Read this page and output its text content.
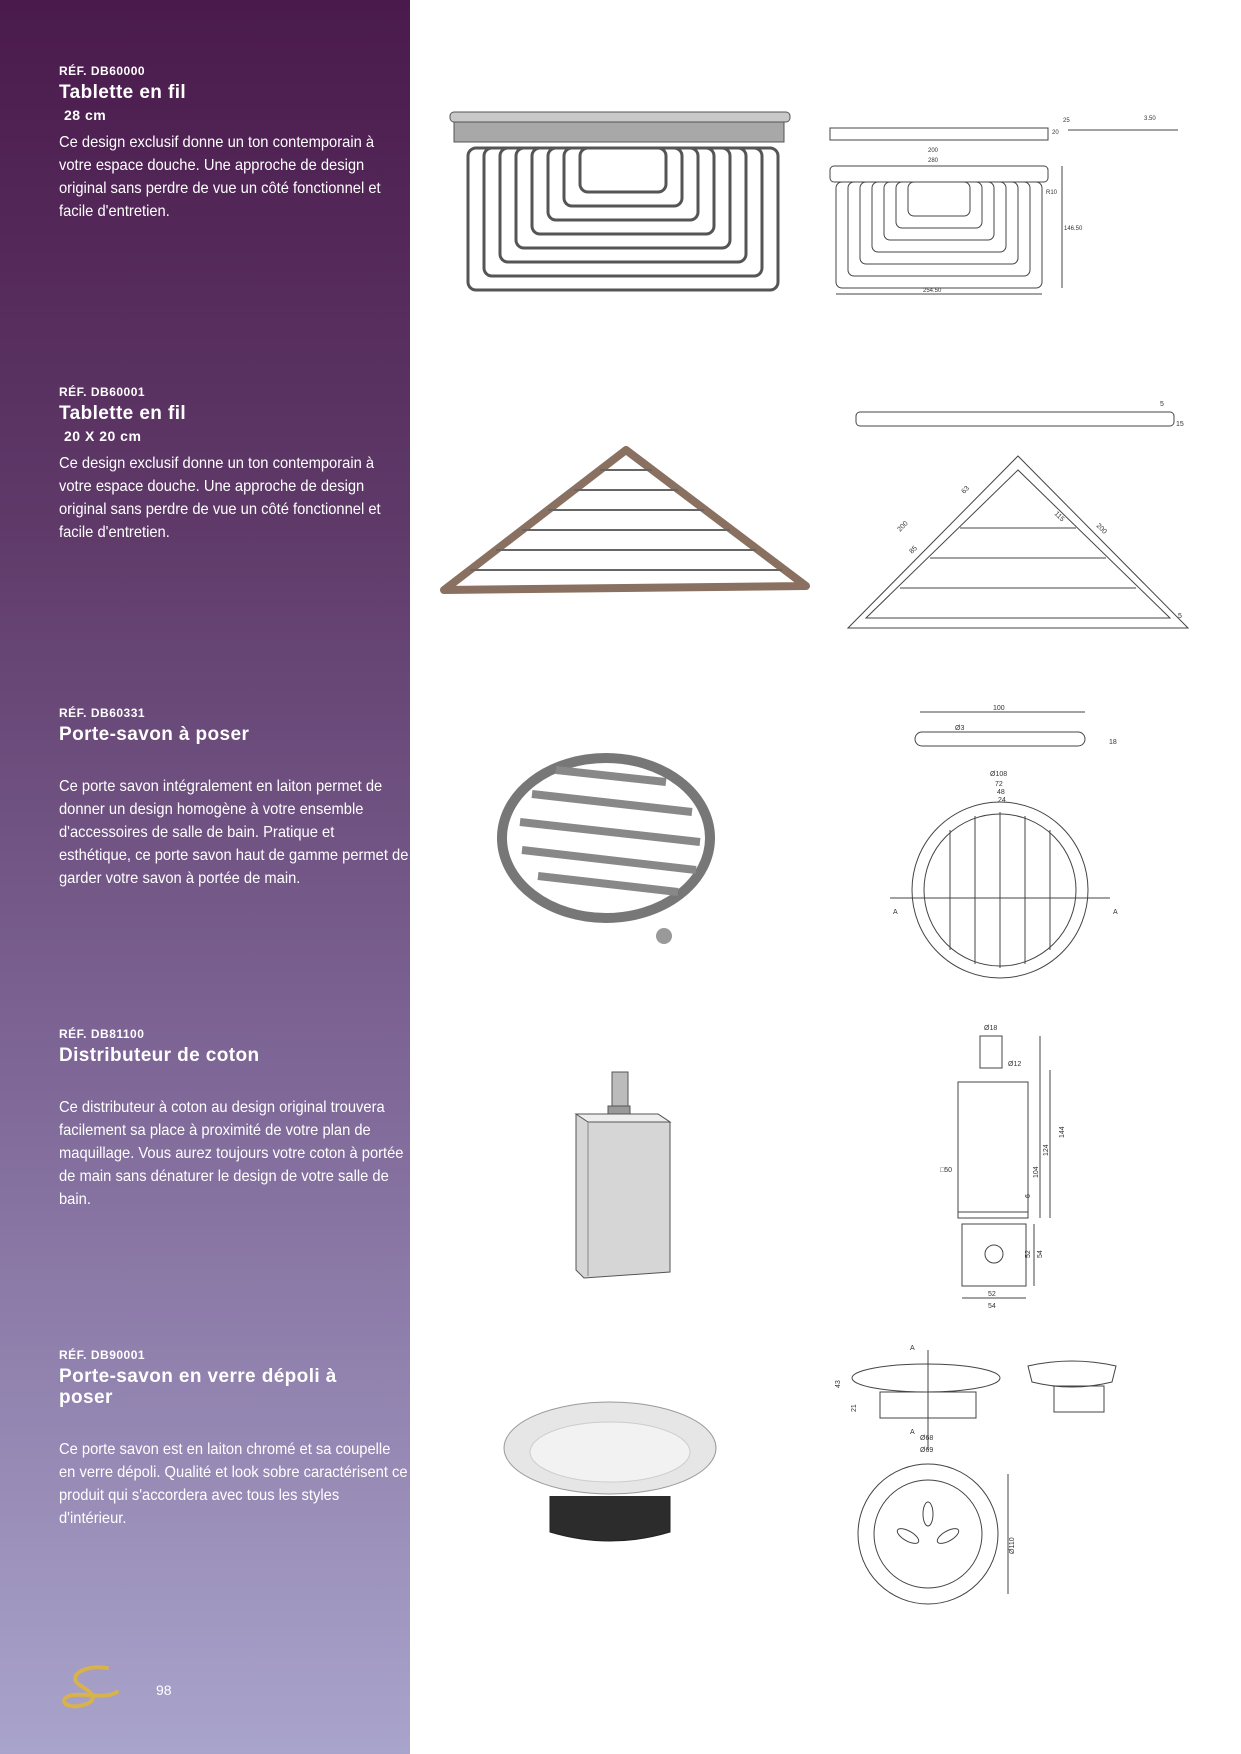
RÉF. DB60000
Tablette en fil
28 cm
Ce design exclusif donne un ton contemporain à votre espace douche. Une approche de design original sans perdre de vue un côté fonctionnel et facile d'entretien.
RÉF. DB60001
Tablette en fil
20 X 20 cm
Ce design exclusif donne un ton contemporain à votre espace douche. Une approche de design original sans perdre de vue un côté fonctionnel et facile d'entretien.
RÉF. DB60331
Porte-savon à poser
Ce porte savon intégralement en laiton permet de donner un design homogène à votre ensemble d'accessoires de salle de bain. Pratique et esthétique, ce porte savon haut de gamme permet de garder votre savon à portée de main.
RÉF. DB81100
Distributeur de coton
Ce distributeur à coton au design original trouvera facilement sa place à proximité de votre plan de maquillage. Vous aurez toujours votre coton à portée de main sans dénaturer le design de votre salle de bain.
RÉF. DB90001
Porte-savon en verre dépoli à poser
Ce porte savon est en laiton chromé et sa coupelle en verre dépoli. Qualité et look sobre caractérisent ce produit qui s'accordera avec tous les styles d'intérieur.
98
25	3.50
20
200
280
R10
146.50
254.50
5
15
200
63
85
115
200
5
100
Ø3
Ø108
72
48
24
18
A	A
Ø18
Ø12
□50	104
124
144
6
52 54
52
54
A
A
43
21
Ø68
Ø69
Ø110
